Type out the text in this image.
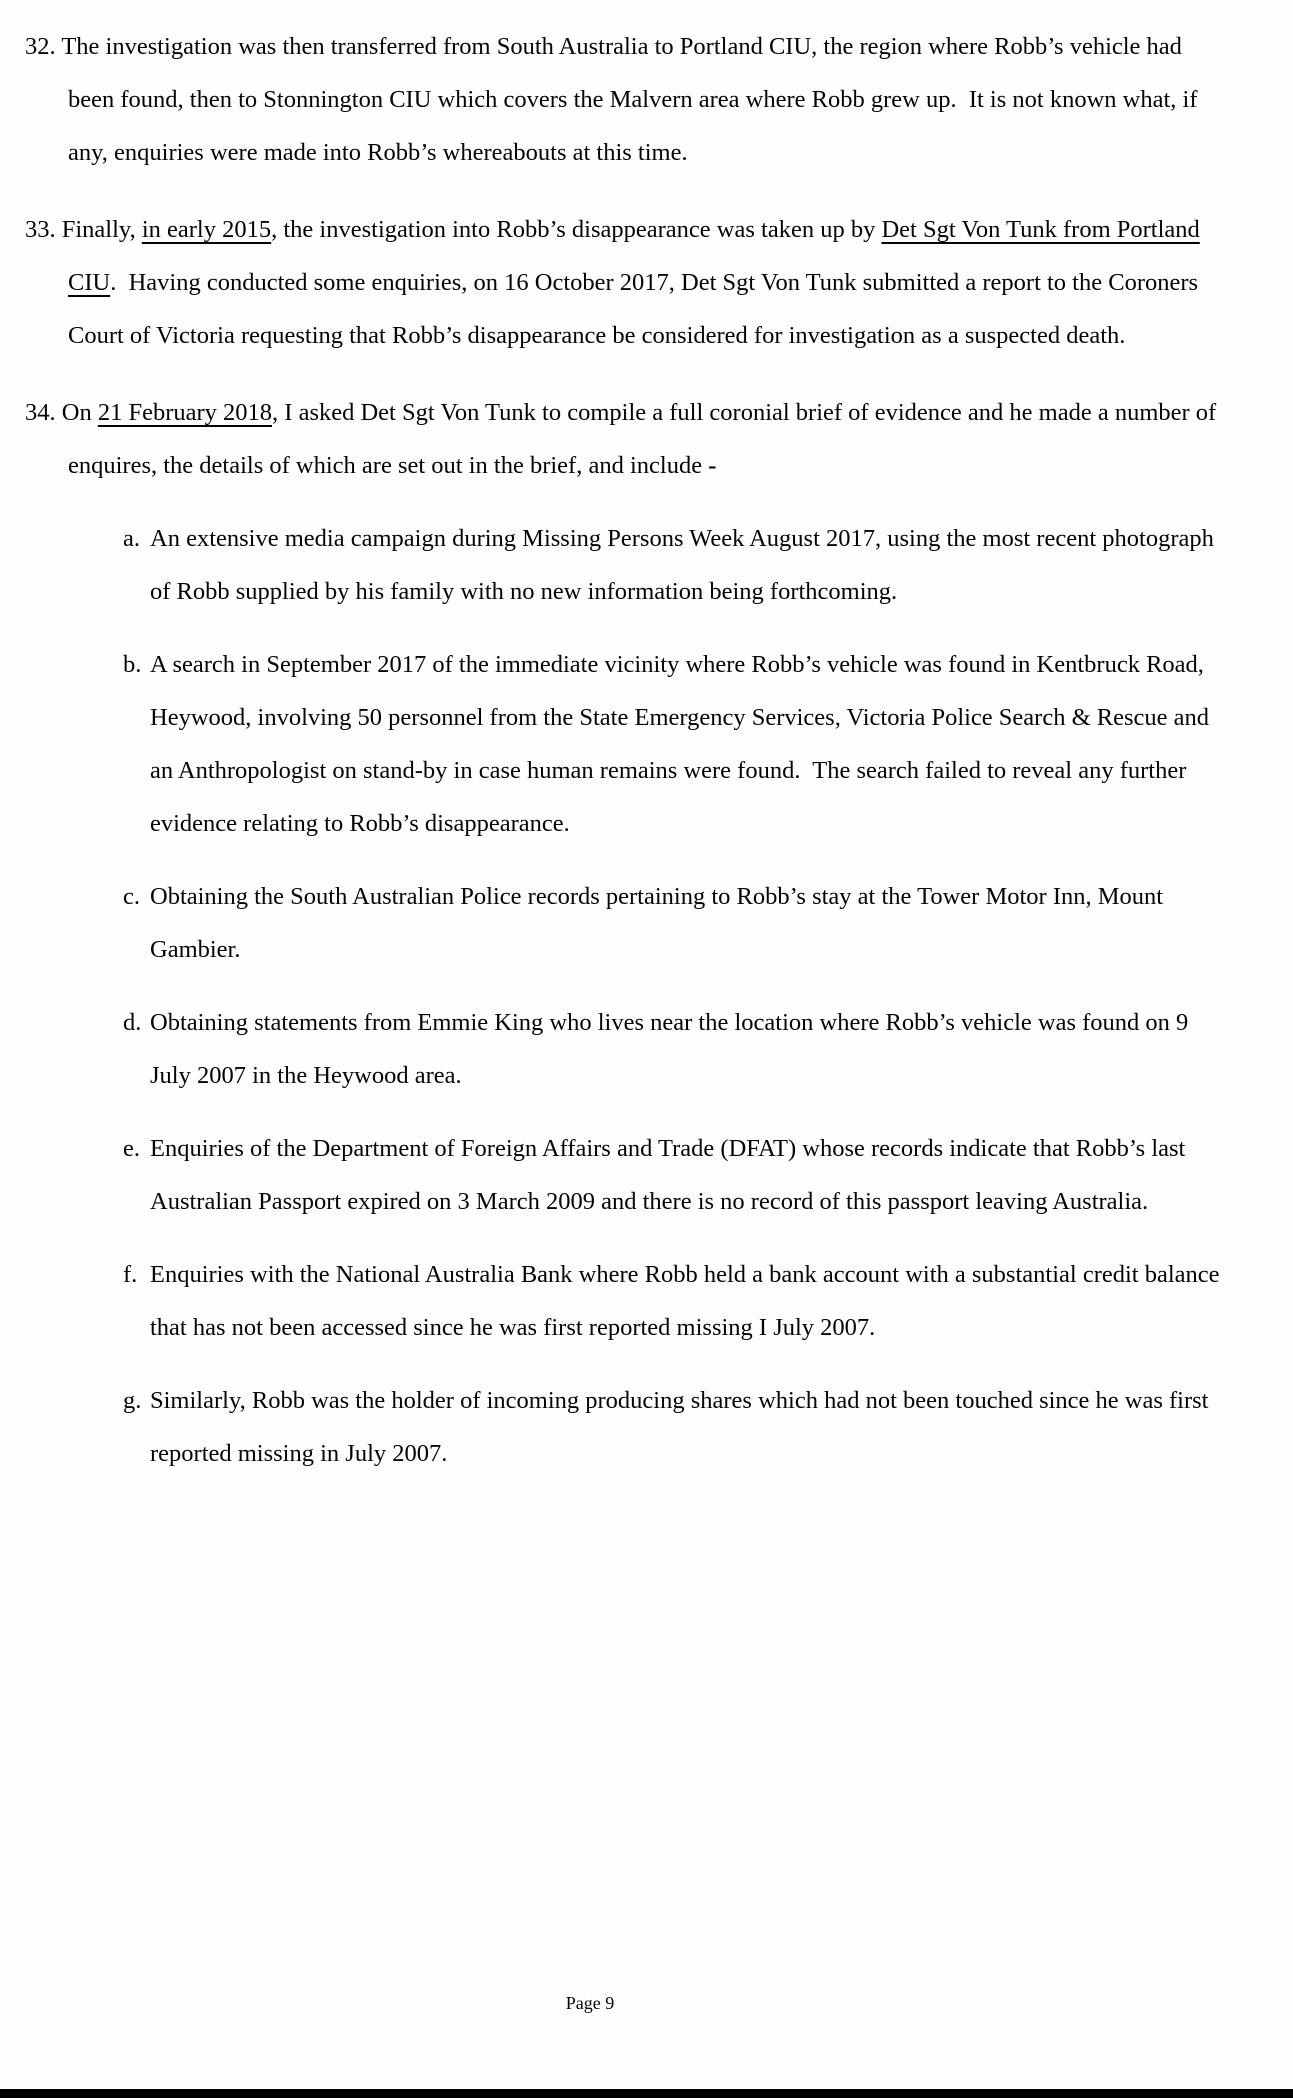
32. The investigation was then transferred from South Australia to Portland CIU, the region where Robb’s vehicle had been found, then to Stonnington CIU which covers the Malvern area where Robb grew up.  It is not known what, if any, enquiries were made into Robb’s whereabouts at this time.
33. Finally, in early 2015, the investigation into Robb’s disappearance was taken up by Det Sgt Von Tunk from Portland CIU.  Having conducted some enquiries, on 16 October 2017, Det Sgt Von Tunk submitted a report to the Coroners Court of Victoria requesting that Robb’s disappearance be considered for investigation as a suspected death.
34. On 21 February 2018, I asked Det Sgt Von Tunk to compile a full coronial brief of evidence and he made a number of enquires, the details of which are set out in the brief, and include -
a. An extensive media campaign during Missing Persons Week August 2017, using the most recent photograph of Robb supplied by his family with no new information being forthcoming.
b. A search in September 2017 of the immediate vicinity where Robb’s vehicle was found in Kentbruck Road, Heywood, involving 50 personnel from the State Emergency Services, Victoria Police Search & Rescue and an Anthropologist on stand-by in case human remains were found.  The search failed to reveal any further evidence relating to Robb’s disappearance.
c. Obtaining the South Australian Police records pertaining to Robb’s stay at the Tower Motor Inn, Mount Gambier.
d. Obtaining statements from Emmie King who lives near the location where Robb’s vehicle was found on 9 July 2007 in the Heywood area.
e. Enquiries of the Department of Foreign Affairs and Trade (DFAT) whose records indicate that Robb’s last Australian Passport expired on 3 March 2009 and there is no record of this passport leaving Australia.
f. Enquiries with the National Australia Bank where Robb held a bank account with a substantial credit balance that has not been accessed since he was first reported missing I July 2007.
g. Similarly, Robb was the holder of incoming producing shares which had not been touched since he was first reported missing in July 2007.
Page 9
